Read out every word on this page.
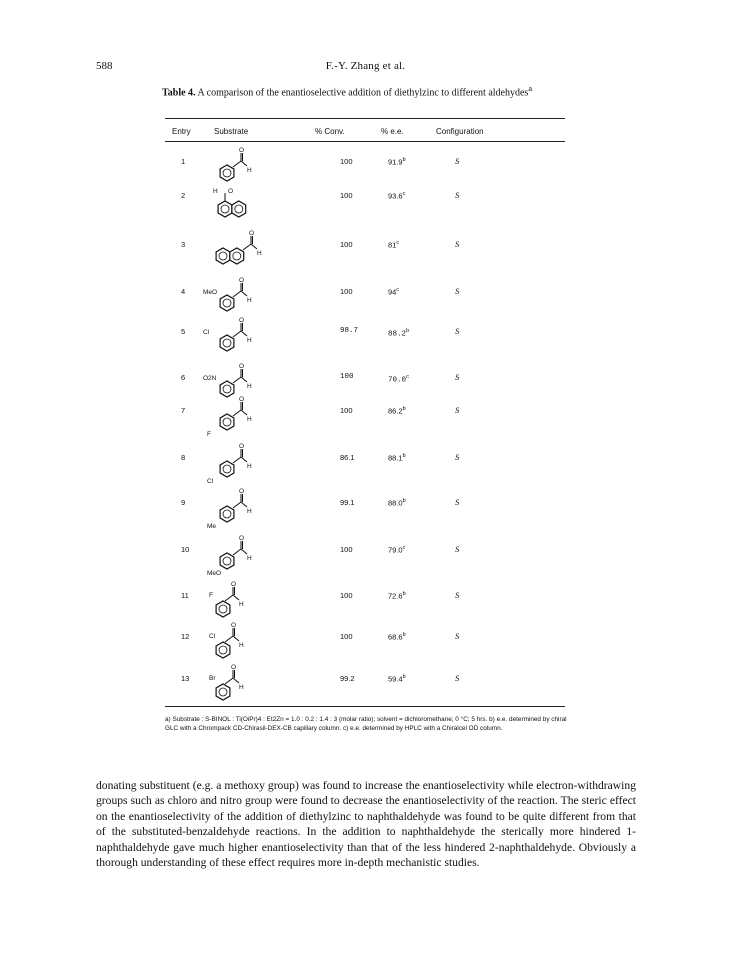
588	F.-Y. Zhang et al.
Table 4. A comparison of the enantioselective addition of diethylzinc to different aldehydes$^a$
Entry	Substrate	% Conv.	% e.e.	Configuration
1	100	91.9$^b$	S
O
H
2	100	93.6$^c$	S
H O
3	100	81$^c$	S
O
H
4	100	94$^c$	S
O
H
MeO
5	98.7	88.2$^b$	S
O
H
Cl
6	100	70.0$^c$	S
O
H
O2N
7	100	86.2$^b$	S
O
H
F
8	86.1	88.1$^b$	S
O
H
Cl
9	99.1	88.0$^b$	S
O
H
Me
10	100	79.0$^c$	S
O
H
MeO
11	100	72.6$^b$	S
O
H
F
12	100	68.6$^b$	S
O
H
Cl
13	99.2	59.4$^b$	S
O
H
Br
a) Substrate : S-BINOL : Ti(OiPr)4 : Et2Zn = 1.0 : 0.2 : 1.4 : 3 (molar ratio); solvent = dichloromethane; 0 °C; 5 hrs. b) e.e. determined by chiral GLC with a Chrompack CD-Chirasil-DEX-CB capillary column. c) e.e. determined by HPLC with a Chiralcel OD column.
donating substituent (e.g. a methoxy group) was found to increase the enantioselectivity while electron-withdrawing groups such as chloro and nitro group were found to decrease the enantioselectivity of the reaction. The steric effect on the enantioselectivity of the addition of diethylzinc to naphthaldehyde was found to be quite different from that of the substituted-benzaldehyde reactions. In the addition to naphthaldehyde the sterically more hindered 1-naphthaldehyde gave much higher enantioselectivity than that of the less hindered 2-naphthaldehyde. Obviously a thorough understanding of these effect requires more in-depth mechanistic studies.
